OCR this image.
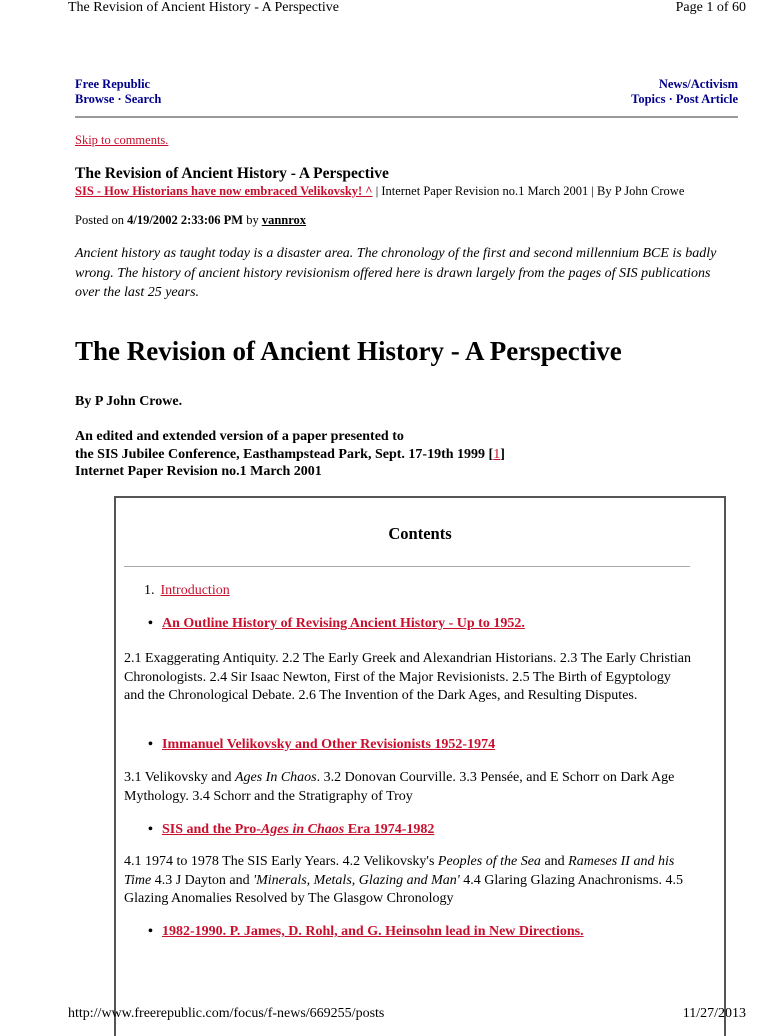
The Revision of Ancient History - A Perspective	Page 1 of 60
Free Republic
Browse · Search
News/Activism
Topics · Post Article
Skip to comments.
The Revision of Ancient History - A Perspective
SIS - How Historians have now embraced Velikovsky! ^ | Internet Paper Revision no.1 March 2001 | By P John Crowe
Posted on 4/19/2002 2:33:06 PM by vannrox
Ancient history as taught today is a disaster area. The chronology of the first and second millennium BCE is badly wrong. The history of ancient history revisionism offered here is drawn largely from the pages of SIS publications over the last 25 years.
The Revision of Ancient History - A Perspective
By P John Crowe.
An edited and extended version of a paper presented to
the SIS Jubilee Conference, Easthampstead Park, Sept. 17-19th 1999 [1]
Internet Paper Revision no.1 March 2001
Contents
1. Introduction
• An Outline History of Revising Ancient History - Up to 1952.
2.1 Exaggerating Antiquity. 2.2 The Early Greek and Alexandrian Historians. 2.3 The Early Christian Chronologists. 2.4 Sir Isaac Newton, First of the Major Revisionists. 2.5 The Birth of Egyptology and the Chronological Debate. 2.6 The Invention of the Dark Ages, and Resulting Disputes.
• Immanuel Velikovsky and Other Revisionists 1952-1974
3.1 Velikovsky and Ages In Chaos. 3.2 Donovan Courville. 3.3 Pensée, and E Schorr on Dark Age Mythology. 3.4 Schorr and the Stratigraphy of Troy
• SIS and the Pro-Ages in Chaos Era 1974-1982
4.1 1974 to 1978 The SIS Early Years. 4.2 Velikovsky's Peoples of the Sea and Rameses II and his Time 4.3 J Dayton and 'Minerals, Metals, Glazing and Man' 4.4 Glaring Glazing Anachronisms. 4.5 Glazing Anomalies Resolved by The Glasgow Chronology
• 1982-1990. P. James, D. Rohl, and G. Heinsohn lead in New Directions.
http://www.freerepublic.com/focus/f-news/669255/posts	11/27/2013
